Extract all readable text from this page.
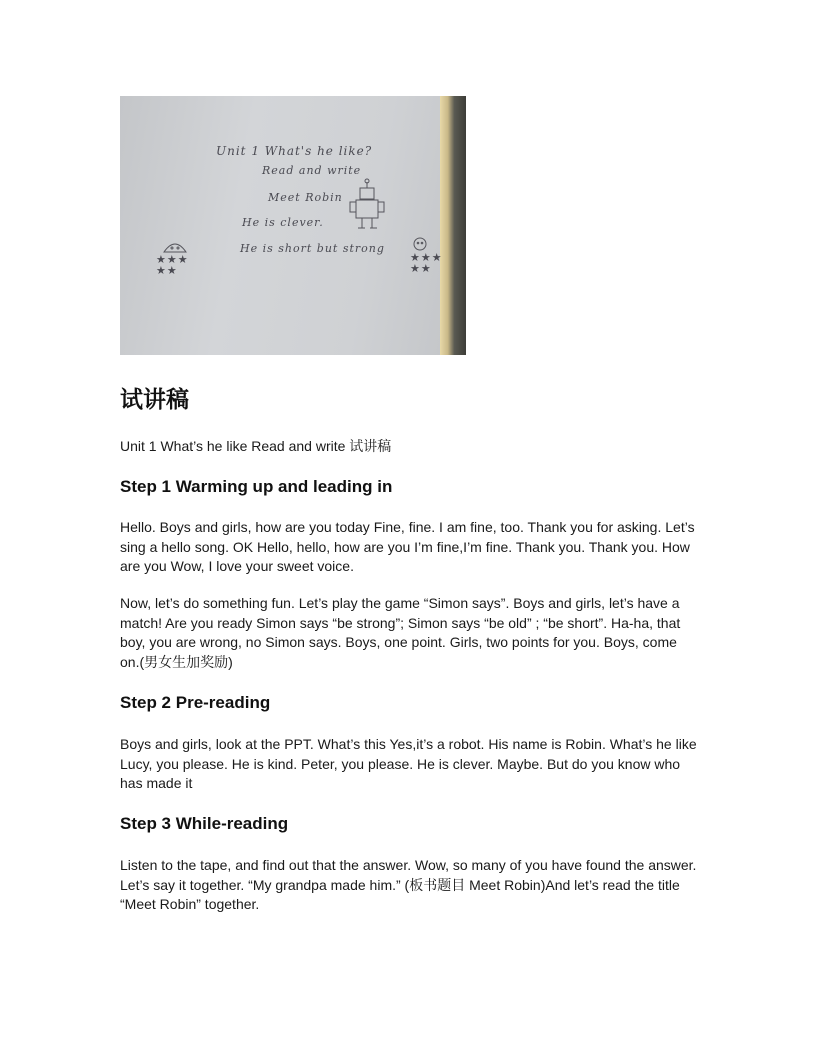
Unit 1 What's he like?
Read and write
Meet Robin
He is clever.
He is short but strong
★★★
★★
★★★
★★
试讲稿
Unit 1 What’s he like Read and write 试讲稿
Step 1 Warming up and leading in
Hello. Boys and girls, how are you today Fine, fine. I am fine, too. Thank you for asking. Let’s sing a hello song. OK Hello, hello, how are you I’m fine,I’m fine. Thank you. Thank you. How are you Wow, I love your sweet voice.
Now, let’s do something fun. Let’s play the game “Simon says”. Boys and girls, let’s have a match! Are you ready Simon says “be strong”; Simon says “be old” ; “be short”. Ha-ha, that boy, you are wrong, no Simon says. Boys, one point. Girls, two points for you. Boys, come on.(男女生加奖励)
Step 2 Pre-reading
Boys and girls, look at the PPT. What’s this Yes,it’s a robot. His name is Robin. What’s he like Lucy, you please. He is kind. Peter, you please. He is clever. Maybe. But do you know who has made it
Step 3 While-reading
Listen to the tape, and find out that the answer. Wow, so many of you have found the answer. Let’s say it together. “My grandpa made him.” (板书题目 Meet Robin)And let’s read the title “Meet Robin” together.
